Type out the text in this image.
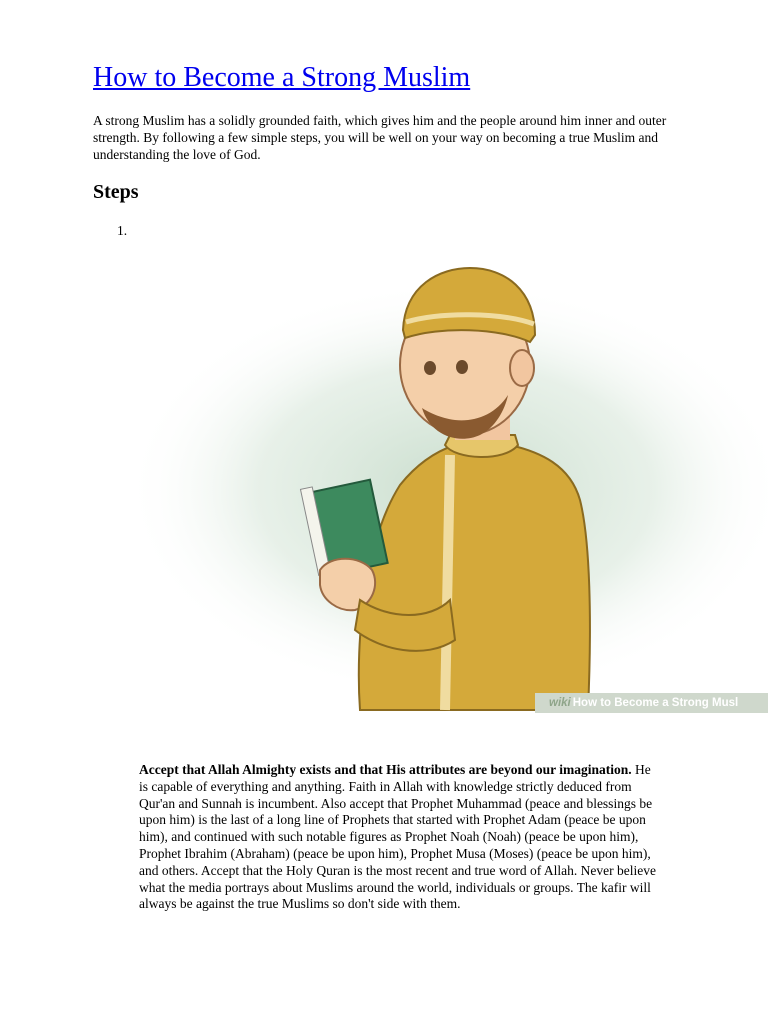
How to Become a Strong Muslim

A strong Muslim has a solidly grounded faith, which gives him and the people around him inner and outer strength. By following a few simple steps, you will be well on your way on becoming a true Muslim and understanding the love of God.

Steps
1.
wiki How to Become a Strong Musl

Accept that Allah Almighty exists and that His attributes are beyond our imagination. He is capable of everything and anything. Faith in Allah with knowledge strictly deduced from Qur'an and Sunnah is incumbent. Also accept that Prophet Muhammad (peace and blessings be upon him) is the last of a long line of Prophets that started with Prophet Adam (peace be upon him), and continued with such notable figures as Prophet Noah (Noah) (peace be upon him), Prophet Ibrahim (Abraham) (peace be upon him), Prophet Musa (Moses) (peace be upon him), and others. Accept that the Holy Quran is the most recent and true word of Allah. Never believe what the media portrays about Muslims around the world, individuals or groups. The kafir will always be against the true Muslims so don't side with them.
